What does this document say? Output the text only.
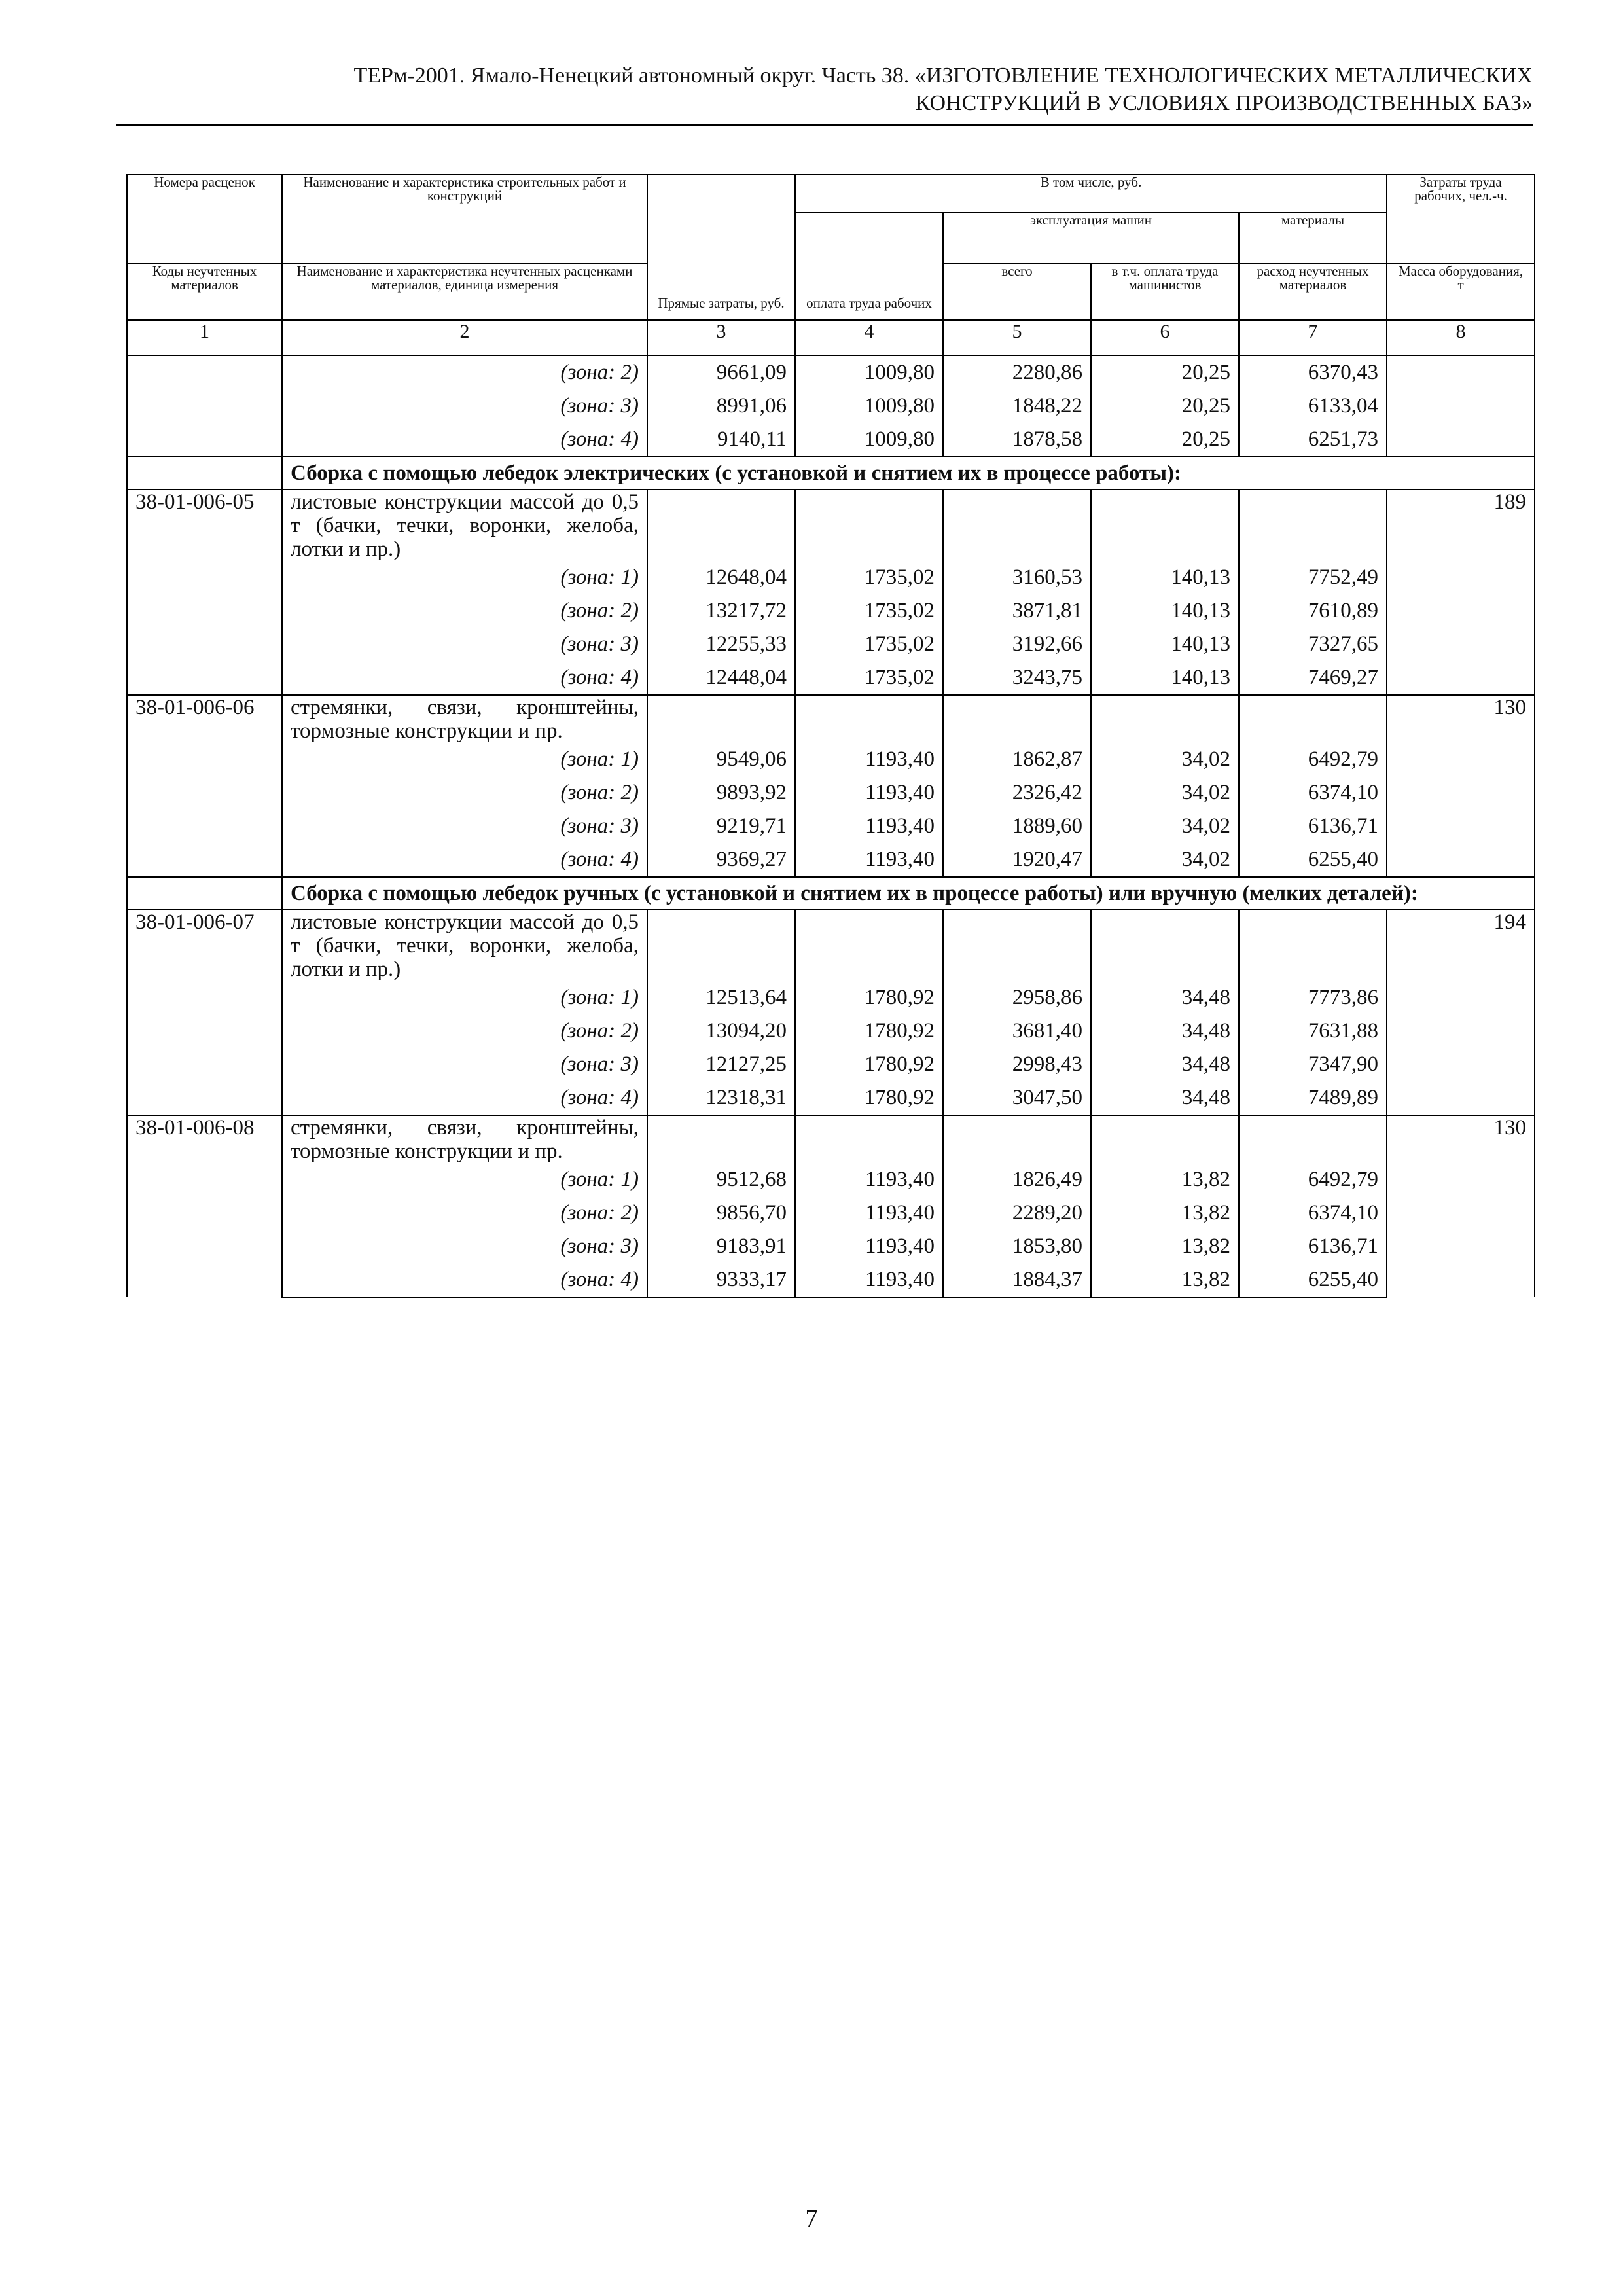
ТЕРм-2001. Ямало-Ненецкий автономный округ. Часть 38. «ИЗГОТОВЛЕНИЕ ТЕХНОЛОГИЧЕСКИХ МЕТАЛЛИЧЕСКИХ
КОНСТРУКЦИЙ В УСЛОВИЯХ ПРОИЗВОДСТВЕННЫХ БАЗ»
Номера расценок	Наименование и характеристика строительных работ и конструкций	Прямые затраты, руб.	В том числе, руб.				Затраты труда рабочих, чел.-ч.
			оплата труда рабочих	эксплуатация машин		материалы	
Коды неучтенных материалов	Наименование и характеристика неучтенных расценками материалов, единица измерения			всего	в т.ч. оплата труда машинистов	расход неучтенных материалов	Масса оборудования, т
1	2	3	4	5	6	7	8
	(зона: 2)	9661,09	1009,80	2280,86	20,25	6370,43	
	(зона: 3)	8991,06	1009,80	1848,22	20,25	6133,04	
	(зона: 4)	9140,11	1009,80	1878,58	20,25	6251,73	
	Сборка с помощью лебедок электрических (с установкой и снятием их в процессе работы):						
38-01-006-05	листовые конструкции массой до 0,5 т (бачки, течки, воронки, желоба, лотки и пр.)						189
	(зона: 1)	12648,04	1735,02	3160,53	140,13	7752,49	
	(зона: 2)	13217,72	1735,02	3871,81	140,13	7610,89	
	(зона: 3)	12255,33	1735,02	3192,66	140,13	7327,65	
	(зона: 4)	12448,04	1735,02	3243,75	140,13	7469,27	
38-01-006-06	стремянки, связи, кронштейны, тормозные конструкции и пр.						130
	(зона: 1)	9549,06	1193,40	1862,87	34,02	6492,79	
	(зона: 2)	9893,92	1193,40	2326,42	34,02	6374,10	
	(зона: 3)	9219,71	1193,40	1889,60	34,02	6136,71	
	(зона: 4)	9369,27	1193,40	1920,47	34,02	6255,40	
	Сборка с помощью лебедок ручных (с установкой и снятием их в процессе работы) или вручную (мелких деталей):						
38-01-006-07	листовые конструкции массой до 0,5 т (бачки, течки, воронки, желоба, лотки и пр.)						194
	(зона: 1)	12513,64	1780,92	2958,86	34,48	7773,86	
	(зона: 2)	13094,20	1780,92	3681,40	34,48	7631,88	
	(зона: 3)	12127,25	1780,92	2998,43	34,48	7347,90	
	(зона: 4)	12318,31	1780,92	3047,50	34,48	7489,89	
38-01-006-08	стремянки, связи, кронштейны, тормозные конструкции и пр.						130
	(зона: 1)	9512,68	1193,40	1826,49	13,82	6492,79	
	(зона: 2)	9856,70	1193,40	2289,20	13,82	6374,10	
	(зона: 3)	9183,91	1193,40	1853,80	13,82	6136,71	
	(зона: 4)	9333,17	1193,40	1884,37	13,82	6255,40	
7
